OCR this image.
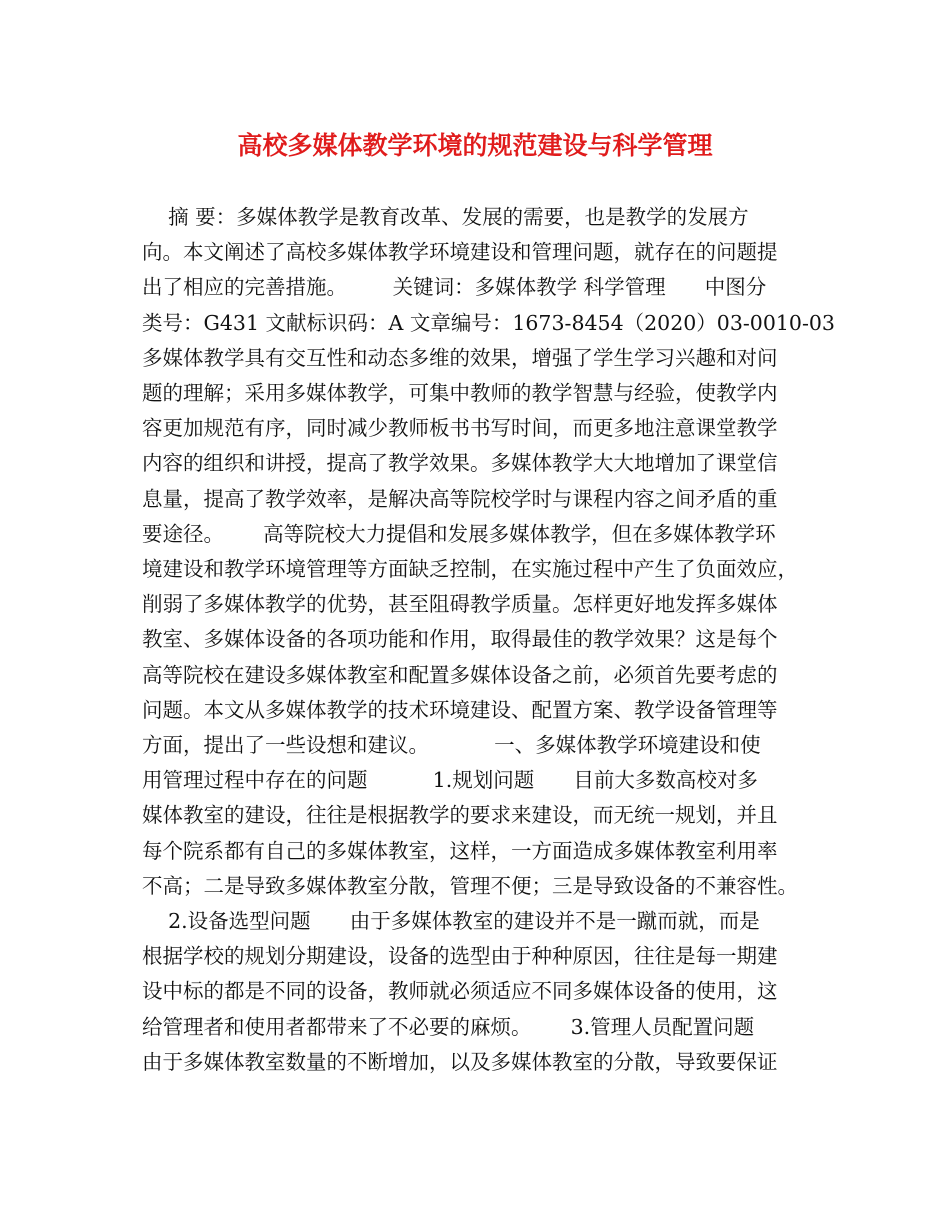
高校多媒体教学环境的规范建设与科学管理
摘 要：多媒体教学是教育改革、发展的需要，也是教学的发展方
向。本文阐述了高校多媒体教学环境建设和管理问题，就存在的问题提
出了相应的完善措施。       关键词：多媒体教学 科学管理      中图分
类号：G431 文献标识码：A 文章编号：1673-8454（2020）03-0010-03
多媒体教学具有交互性和动态多维的效果，增强了学生学习兴趣和对问
题的理解；采用多媒体教学，可集中教师的教学智慧与经验，使教学内
容更加规范有序，同时减少教师板书书写时间，而更多地注意课堂教学
内容的组织和讲授，提高了教学效果。多媒体教学大大地增加了课堂信
息量，提高了教学效率，是解决高等院校学时与课程内容之间矛盾的重
要途径。      高等院校大力提倡和发展多媒体教学，但在多媒体教学环
境建设和教学环境管理等方面缺乏控制，在实施过程中产生了负面效应，
削弱了多媒体教学的优势，甚至阻碍教学质量。怎样更好地发挥多媒体
教室、多媒体设备的各项功能和作用，取得最佳的教学效果？这是每个
高等院校在建设多媒体教室和配置多媒体设备之前，必须首先要考虑的
问题。本文从多媒体教学的技术环境建设、配置方案、教学设备管理等
方面，提出了一些设想和建议。          一、多媒体教学环境建设和使
用管理过程中存在的问题          1.规划问题      目前大多数高校对多
媒体教室的建设，往往是根据教学的要求来建设，而无统一规划，并且
每个院系都有自己的多媒体教室，这样，一方面造成多媒体教室利用率
不高；二是导致多媒体教室分散，管理不便；三是导致设备的不兼容性。
2.设备选型问题      由于多媒体教室的建设并不是一蹴而就，而是
根据学校的规划分期建设，设备的选型由于种种原因，往往是每一期建
设中标的都是不同的设备，教师就必须适应不同多媒体设备的使用，这
给管理者和使用者都带来了不必要的麻烦。      3.管理人员配置问题
由于多媒体教室数量的不断增加，以及多媒体教室的分散，导致要保证
